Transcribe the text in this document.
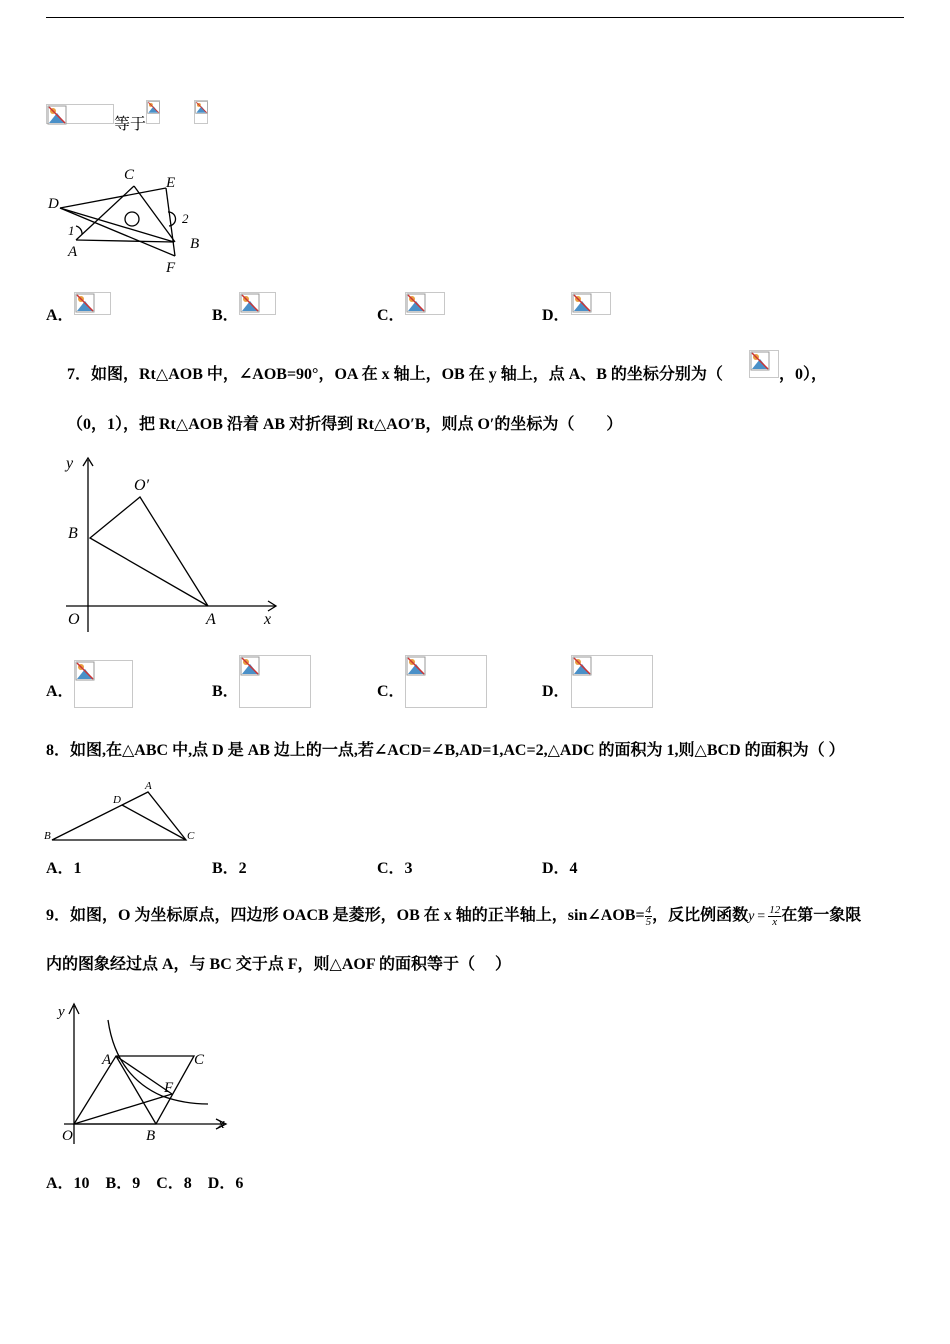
等于
C
D
E
A	B
F
1
2
A．	B．	C．	D．
7．如图，Rt△AOB 中，∠AOB=90°，OA 在 x 轴上，OB 在 y 轴上，点 A、B 的坐标分别为（	，0），
（0，1），把 Rt△AOB 沿着 AB 对折得到 Rt△AO′B，则点 O′的坐标为（　　）
y
O′
B
O	A	x
A．	B．	C．	D．
8．如图,在△ABC 中,点 D 是 AB 边上的一点,若∠ACD=∠B,AD=1,AC=2,△ADC 的面积为 1,则△BCD 的面积为（ ）
A
D
B	C
A．1	B．2	C．3	D．4
9．如图，O 为坐标原点，四边形 OACB 是菱形，OB 在 x 轴的正半轴上，sin∠AOB= $\frac{4}{5}$ ，反比例函数$y = \frac{12}{x}$ 在第一象限
内的图象经过点 A，与 BC 交于点 F，则△AOF 的面积等于（　 ）
y
A	C
F
O	B
x
A．10　B．9　C．8　D．6
